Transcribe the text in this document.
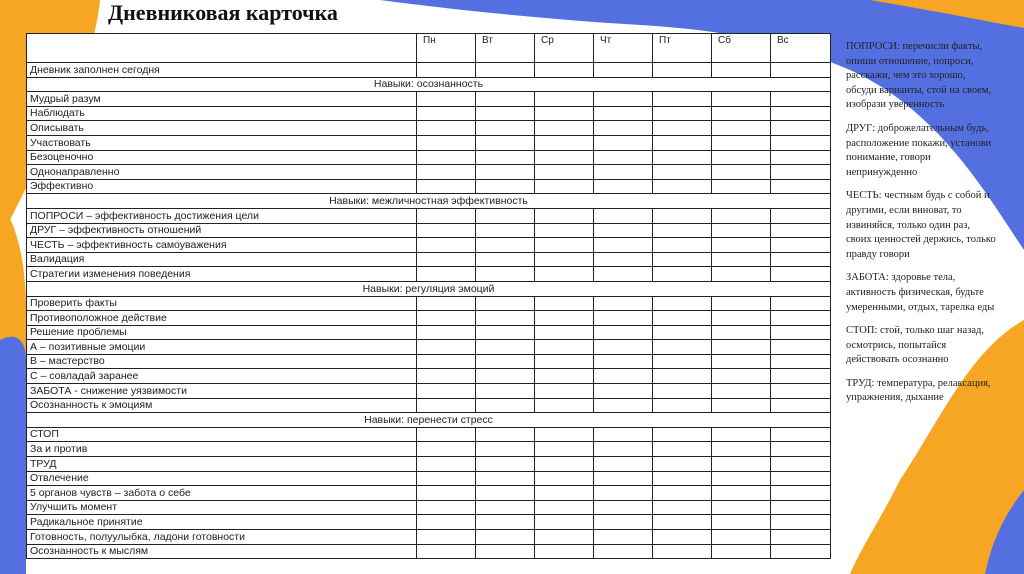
Дневниковая карточка
	Пн	Вт	Ср	Чт	Пт	Сб	Вс
Дневник заполнен сегодня							
Навыки: осознанность							
Мудрый разум							
Наблюдать							
Описывать							
Участвовать							
Безоценочно							
Однонаправленно							
Эффективно							
Навыки: межличностная эффективность							
ПОПРОСИ – эффективность достижения цели							
ДРУГ – эффективность отношений							
ЧЕСТЬ – эффективность самоуважения							
Валидация							
Стратегии изменения поведения							
Навыки: регуляция эмоций							
Проверить факты							
Противоположное действие							
Решение проблемы							
А – позитивные эмоции							
В – мастерство							
С – совладай заранее							
ЗАБОТА - снижение уязвимости							
Осознанность к эмоциям							
Навыки: перенести стресс							
СТОП							
За и против							
ТРУД							
Отвлечение							
5 органов чувств – забота о себе							
Улучшить момент							
Радикальное принятие							
Готовность, полуулыбка, ладони готовности							
Осознанность к мыслям							

ПОПРОСИ: перечисли факты, опиши отношение, попроси, расскажи, чем это хорошо, обсуди варианты, стой на своем, изобрази уверенность

ДРУГ: доброжелательным будь, расположение покажи, установи понимание, говори непринужденно

ЧЕСТЬ: честным будь с собой и другими, если виноват, то извиняйся, только один раз, своих ценностей держись, только правду говори

ЗАБОТА: здоровье тела, активность физическая, будьте умеренными, отдых, тарелка еды

СТОП: стой, только шаг назад, осмотрись, попытайся действовать осознанно

ТРУД: температура, релаксация, упражнения, дыхание
